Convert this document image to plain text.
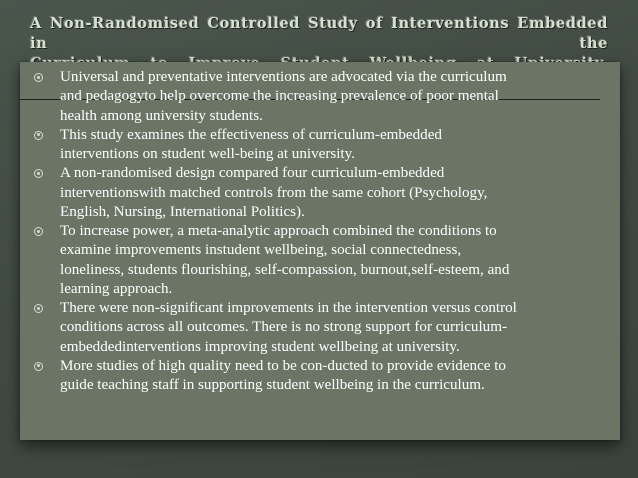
A Non-Randomised Controlled Study of Interventions Embedded in the
Universal and preventative interventions are advocated via the curriculum
and pedagogyto help overcome the increasing prevalence of poor mental
health among university students.
This study examines the effectiveness of curriculum-embedded
interventions on student well-being at university.
A non-randomised design compared four curriculum-embedded
interventionswith matched controls from the same cohort (Psychology,
English, Nursing, International Politics).
To increase power, a meta-analytic approach combined the conditions to
examine improvements instudent wellbeing, social connectedness,
loneliness, students flourishing, self-compassion, burnout,self-esteem, and
learning approach.
There were non-significant improvements in the intervention versus control
conditions across all outcomes. There is no strong support for curriculum-
embeddedinterventions improving student wellbeing at university.
More studies of high quality need to be con-ducted to provide evidence to
guide teaching staff in supporting student wellbeing in the curriculum.
